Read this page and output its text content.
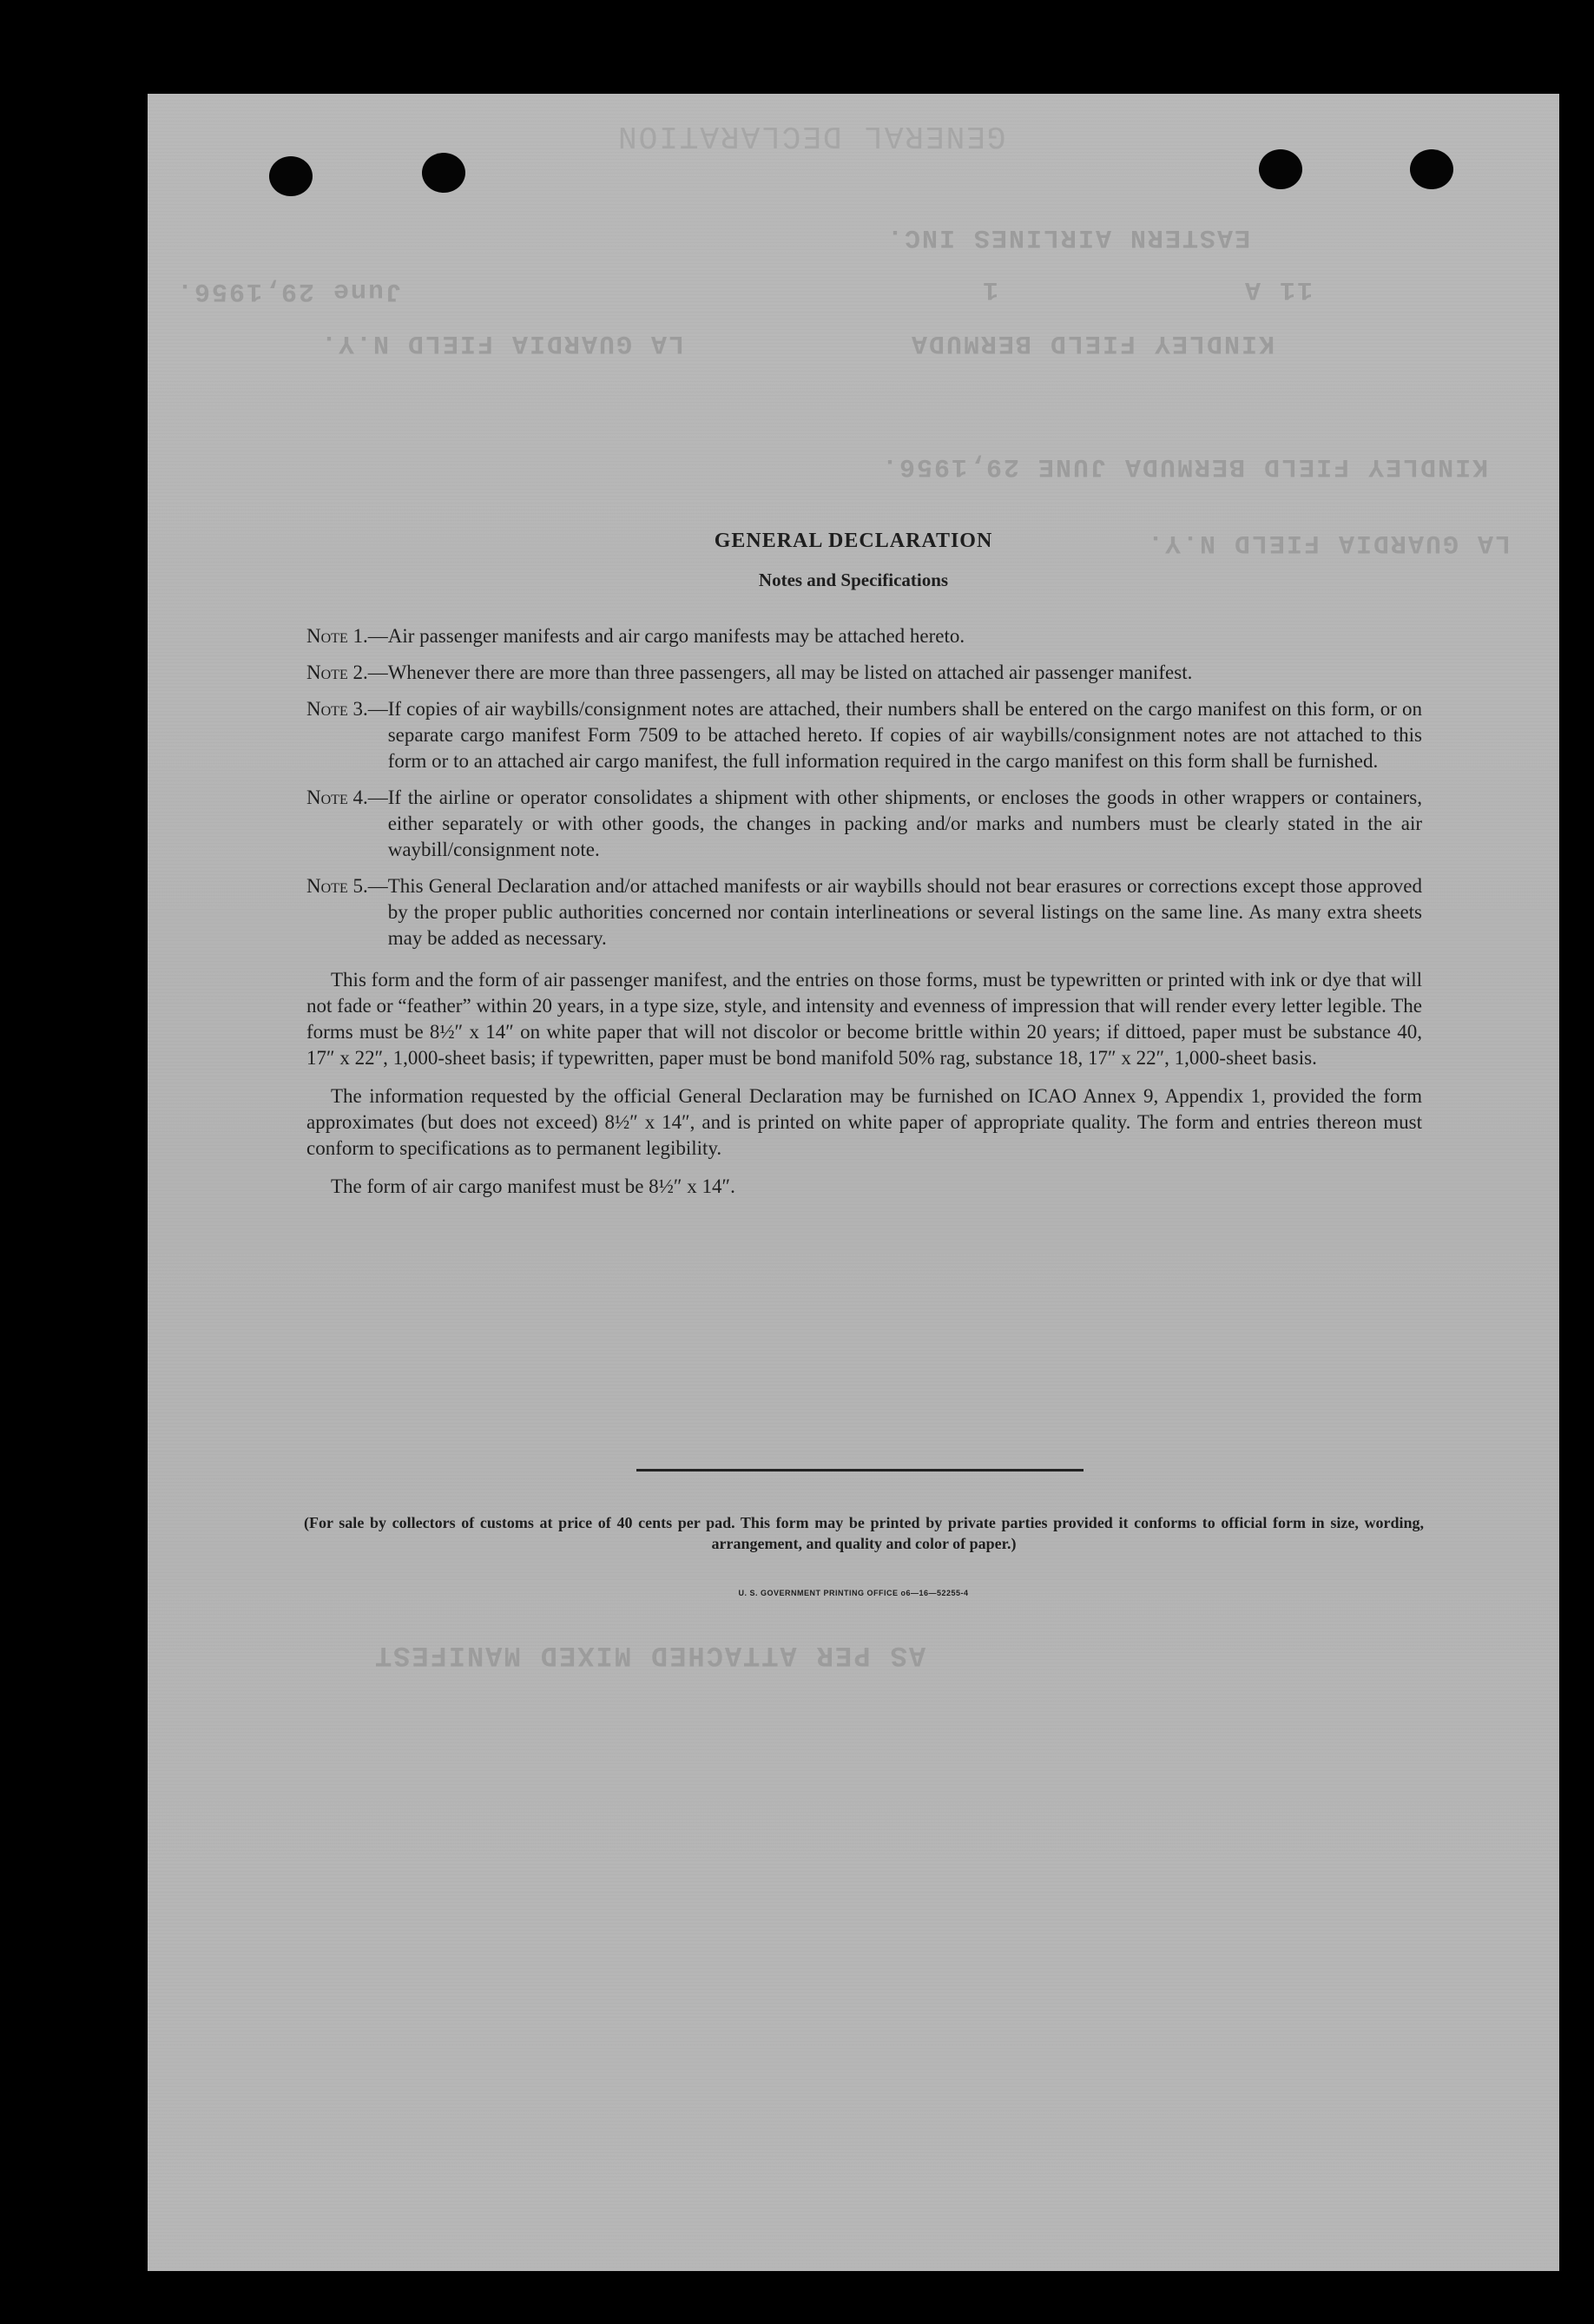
GENERAL DECLARATION
EASTERN AIRLINES INC.
11 A
1
June 29,1956.
LA GUARDIA FIELD N.Y.	KINDLEY FIELD BERMUDA
KINDLEY FIELD BERMUDA JUNE 29,1956.
LA GUARDIA FIELD N.Y.
AS PER ATTACHED MIXED MANIFEST
GENERAL DECLARATION
Notes and Specifications
Note 1.— Air passenger manifests and air cargo manifests may be attached hereto.
Note 2.— Whenever there are more than three passengers, all may be listed on attached air passenger manifest.
Note 3.— If copies of air waybills/consignment notes are attached, their numbers shall be entered on the cargo manifest on this form, or on separate cargo manifest Form 7509 to be attached hereto. If copies of air waybills/consignment notes are not attached to this form or to an attached air cargo manifest, the full information required in the cargo manifest on this form shall be furnished.
Note 4.— If the airline or operator consolidates a shipment with other shipments, or encloses the goods in other wrappers or containers, either separately or with other goods, the changes in packing and/or marks and numbers must be clearly stated in the air waybill/consignment note.
Note 5.— This General Declaration and/or attached manifests or air waybills should not bear erasures or corrections except those approved by the proper public authorities concerned nor contain interlineations or several listings on the same line. As many extra sheets may be added as necessary.

This form and the form of air passenger manifest, and the entries on those forms, must be typewritten or printed with ink or dye that will not fade or “feather” within 20 years, in a type size, style, and intensity and evenness of impression that will render every letter legible. The forms must be 8½″ x 14″ on white paper that will not discolor or become brittle within 20 years; if dittoed, paper must be substance 40, 17″ x 22″, 1,000-sheet basis; if typewritten, paper must be bond manifold 50% rag, substance 18, 17″ x 22″, 1,000-sheet basis.

The information requested by the official General Declaration may be furnished on ICAO Annex 9, Appendix 1, provided the form approximates (but does not exceed) 8½″ x 14″, and is printed on white paper of appropriate quality. The form and entries thereon must conform to specifications as to permanent legibility.

The form of air cargo manifest must be 8½″ x 14″.

(For sale by collectors of customs at price of 40 cents per pad. This form may be printed by private parties provided it conforms to official form in size, wording, arrangement, and quality and color of paper.)
U. S. GOVERNMENT PRINTING OFFICE o6—16—52255-4
